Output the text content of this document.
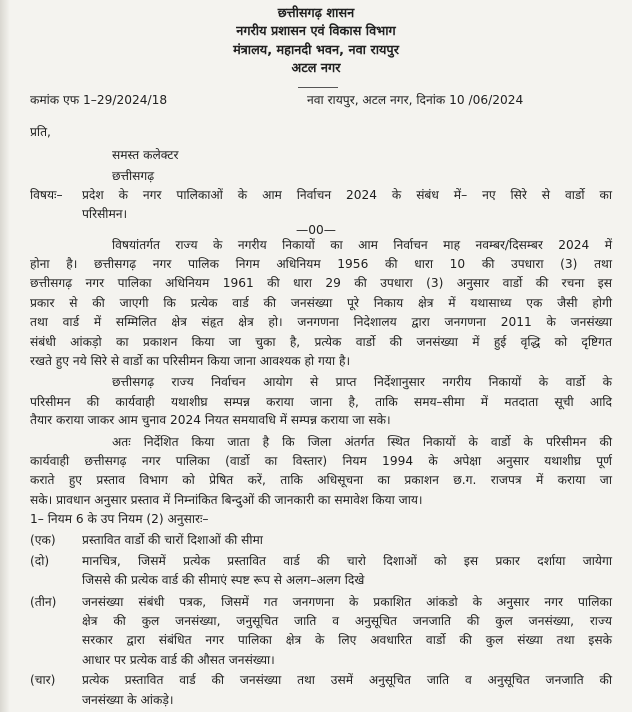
छत्तीसगढ़ शासन
नगरीय प्रशासन एवं विकास विभाग
मंत्रालय, महानदी भवन, नवा रायपुर
अटल नगर
कमांक एफ 1–29/2024/18	नवा रायपुर, अटल नगर, दिनांक 10 /06/2024
प्रति,
समस्त कलेक्टर
छत्तीसगढ़
विषयः– प्रदेश के नगर पालिकाओं के आम निर्वाचन 2024 के संबंध में– नए सिरे से वार्डो का
परिसीमन।
—00—
विषयांतर्गत राज्य के नगरीय निकायों का आम निर्वाचन माह नवम्बर/दिसम्बर 2024 में
होना है। छत्तीसगढ़ नगर पालिक निगम अधिनियम 1956 की धारा 10 की उपधारा (3) तथा
छत्तीसगढ़ नगर पालिका अधिनियम 1961 की धारा 29 की उपधारा (3) अनुसार वार्डो की रचना इस
प्रकार से की जाएगी कि प्रत्येक वार्ड की जनसंख्या पूरे निकाय क्षेत्र में यथासाध्य एक जैसी होगी
तथा वार्ड में सम्मिलित क्षेत्र संहृत क्षेत्र हो। जनगणना निदेशालय द्वारा जनगणना 2011 के जनसंख्या
संबंधी आंकड़ो का प्रकाशन किया जा चुका है, प्रत्येक वार्डो की जनसंख्या में हुई वृद्धि को दृष्टिगत
रखते हुए नये सिरे से वार्डो का परिसीमन किया जाना आवश्यक हो गया है।
छत्तीसगढ़ राज्य निर्वाचन आयोग से प्राप्त निर्देशानुसार नगरीय निकायों के वार्डो के
परिसीमन की कार्यवाही यथाशीघ्र सम्पन्न कराया जाना है, ताकि समय–सीमा में मतदाता सूची आदि
तैयार कराया जाकर आम चुनाव 2024 नियत समयावधि में सम्पन्न कराया जा सके।
अतः निर्देशित किया जाता है कि जिला अंतर्गत स्थित निकायों के वार्डो के परिसीमन की
कार्यवाही छत्तीसगढ़ नगर पालिका (वार्डो का विस्तार) नियम 1994 के अपेक्षा अनुसार यथाशीघ्र पूर्ण
कराते हुए प्रस्ताव विभाग को प्रेषित करें, ताकि अधिसूचना का प्रकाशन छ.ग. राजपत्र में कराया जा
सके। प्रावधान अनुसार प्रस्ताव में निम्नांकित बिन्दुओं की जानकारी का समावेश किया जाय।
1– नियम 6 के उप नियम (2) अनुसारः–
(एक) प्रस्तावित वार्डो की चारों दिशाओं की सीमा
(दो)	मानचित्र, जिसमें प्रत्येक प्रस्तावित वार्ड की चारो दिशाओं को इस प्रकार दर्शाया जायेगा
जिससे की प्रत्येक वार्ड की सीमाएं स्पष्ट रूप से अलग–अलग दिखे
(तीन) जनसंख्या संबंधी पत्रक, जिसमें गत जनगणना के प्रकाशित आंकडो के अनुसार नगर पालिका
क्षेत्र की कुल जनसंख्या, जनुसूचित जाति व अनुसूचित जनजाति की कुल जनसंख्या, राज्य
सरकार द्वारा संबंधित नगर पालिका क्षेत्र के लिए अवधारित वार्डो की कुल संख्या तथा इसके
आधार पर प्रत्येक वार्ड की औसत जनसंख्या।
(चार) प्रत्येक प्रस्तावित वार्ड की जनसंख्या तथा उसमें अनुसूचित जाति व अनुसूचित जनजाति की
जनसंख्या के आंकड़े।
